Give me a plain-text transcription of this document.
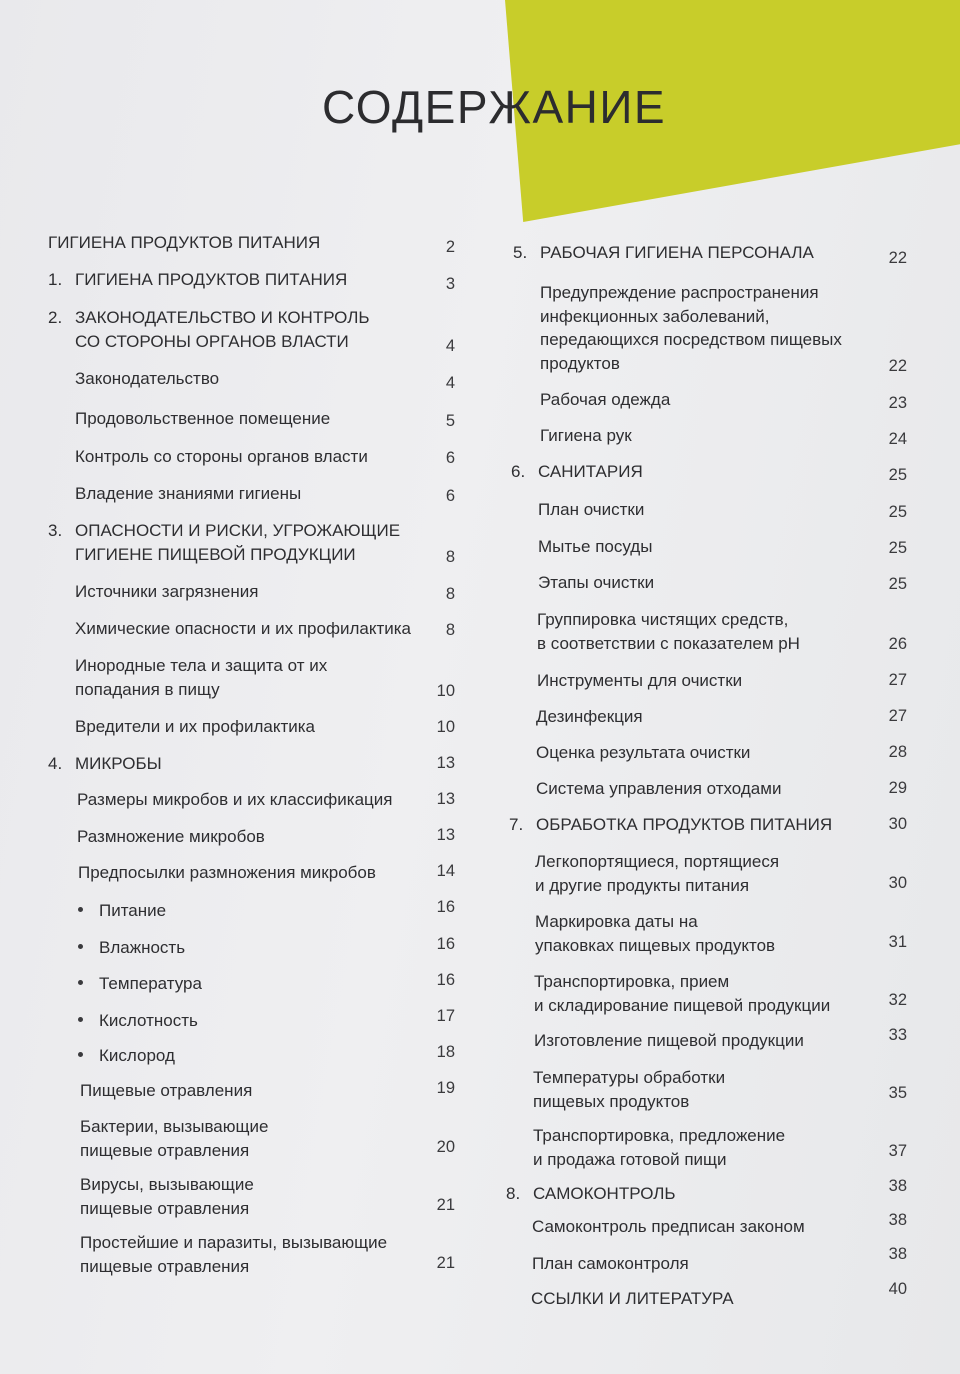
СОДЕРЖАНИЕ
ГИГИЕНА ПРОДУКТОВ ПИТАНИЯ	2
1. ГИГИЕНА ПРОДУКТОВ ПИТАНИЯ	3
2. ЗАКОНОДАТЕЛЬСТВО И КОНТРОЛЬ
СО СТОРОНЫ ОРГАНОВ ВЛАСТИ	4
Законодательство	4
Продовольственное помещение	5
Контроль со стороны органов власти	6
Владение знаниями гигиены	6
3. ОПАСНОСТИ И РИСКИ, УГРОЖАЮЩИЕ
ГИГИЕНЕ ПИЩЕВОЙ ПРОДУКЦИИ	8
Источники загрязнения	8
Химические опасности и их профилактика	8
Инородные тела и защита от их
попадания в пищу	10
Вредители и их профилактика	10
4. МИКРОБЫ	13
Размеры микробов и их классификация	13
Размножение микробов	13
Предпосылки размножения микробов	14
Питание	16
Влажность	16
Температура	16
Кислотность	17
Кислород	18
Пищевые отравления	19
Бактерии, вызывающие
пищевые отравления	20
Вирусы, вызывающие
пищевые отравления	21
Простейшие и паразиты, вызывающие
пищевые отравления	21
5. РАБОЧАЯ ГИГИЕНА ПЕРСОНАЛА	22
Предупреждение распространения
инфекционных заболеваний,
передающихся посредством пищевых
продуктов	22
Рабочая одежда	23
Гигиена рук	24
6. САНИТАРИЯ	25
План очистки	25
Мытье посуды	25
Этапы очистки	25
Группировка чистящих средств,
в соответствии с показателем pH	26
Инструменты для очистки	27
Дезинфекция	27
Оценка результата очистки	28
Система управления отходами	29
7. ОБРАБОТКА ПРОДУКТОВ ПИТАНИЯ	30
Легкопортящиеся, портящиеся
и другие продукты питания	30
Маркировка даты на
упаковках пищевых продуктов	31
Транспортировка, прием
и складирование пищевой продукции	32
Изготовление пищевой продукции	33
Температуры обработки
пищевых продуктов	35
Транспортировка, предложение
и продажа готовой пищи	37
8. САМОКОНТРОЛЬ	38
Самоконтроль предписан законом	38
План самоконтроля	38
ССЫЛКИ И ЛИТЕРАТУРА	40
